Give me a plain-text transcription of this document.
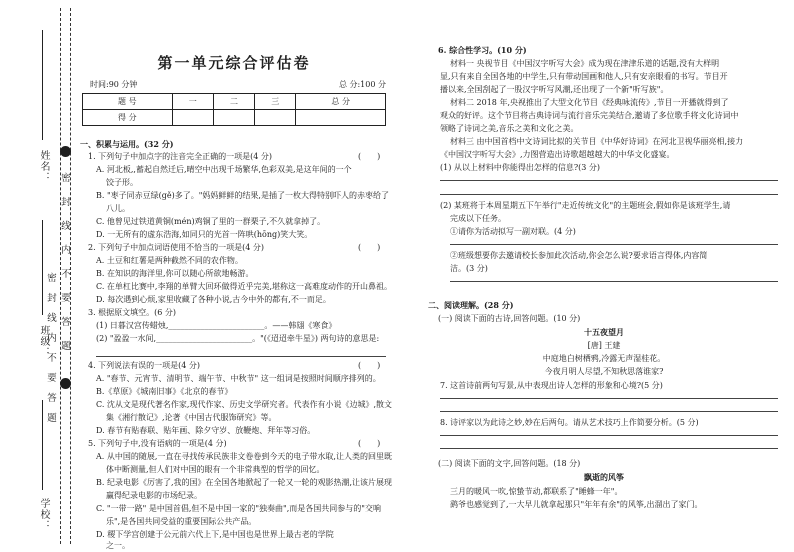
姓名：
班级：
学校：
密
封
线
内
不
要
答
题
密
封
线
内
不
要
答
题
第一单元综合评估卷
时间:90 分钟	总 分:100 分
题 号	一	二	三	总 分
得 分				
一、积累与运用。(32 分)
1. 下列句子中加点字的注音完全正确的一项是(4 分)
A. 河北板,,蓄起自然迁后,晴空中出现千场繁华,色彩双美,是这年间的一个
饺子形。
B. "枣子同赤豆绿(gě)多了。"妈妈鲜鲜的结果,是插了一枚大得特别吓人的赤枣给了
八儿。
C. 他曾见过铁道黄铜(mén)鸡铜了里的一群栗子,不久就拿掉了。
D. 一无所有的虚东浩海,如同只的光首一阵哄(hōng)笑大笑。
2. 下列句子中加点词语使用不恰当的一项是(4 分)
A. 土豆和红薯是两种截然不同的农作物。
B. 在知识的海洋里,你可以随心所欲地畅游。
C. 在单杠比赛中,李翔的单臂大回环做得近乎完美,堪称这一高难度动作的开山鼻祖。
D. 每次遇到心烦,家里收藏了各种小说,古今中外的都有,不一而足。
3. 根据原文填空。(6 分)
(1) 日暮汉宫传蜡烛,________________________。——韩翃《寒食》
(2) "盈盈一水间,________________________。"(《迢迢牵牛星》) 两句诗的意思是:
4. 下列说法有误的一项是(4 分)
A. "春节、元宵节、清明节、端午节、中秋节" 这一组词是按照时间顺序排列的。
B.《草原》《城南旧事》《北京的春节》
C. 沈从文是现代著名作家,现代作家、历史文学研究者。代表作有小说《边城》,散文
集《湘行散记》,论著《中国古代服饰研究》等。
D. 春节有贴春联、贴年画、除夕守岁、放鞭炮、拜年等习俗。
5. 下列句子中,没有语病的一项是(4 分)
A. 从中国的随展,一直在寻找传承民族非文卷卷到今天的电子带水取,让人类的回里既
体中断测量,但人们对中国的眼有一个非常典型的哲学的回忆。
B. 纪录电影《厉害了,我的国》在全国各地掀起了一轮又一轮的观影热潮,让该片展现
赢得纪录电影的市场纪录。
C. "一带一路" 是中国首倡,但不是中国一家的"独奏曲",而是各国共同参与的"交响
乐",是各国共同受益的重要国际公共产品。
D. 稷下学宫创建于公元前六代上下,是中国也是世界上最古老的学院
之一。
(　　)
(　　)
(　　)
(　　)
6. 综合性学习。(10 分)
材料一 央视节目《中国汉字听写大会》成为现在津津乐道的话题,没有大样明
显,只有来自全国各地的中学生,只有带动国画和他人,只有安亲眼看的书写。节目开
播以来,全国刮起了一股汉字听写风潮,还出现了一个新"听写族"。
材料二 2018 年,央视推出了大型文化节目《经典咏流传》,节目一开播就得到了
观众的好评。这个节目将古典诗词与流行音乐完美结合,邀请了多位歌手将文化诗词中
领略了诗词之美,音乐之美和文化之美。
材料三 由中国首档中文诗词比拟的关节目《中华好诗词》在河北卫视华丽亮相,接力
《中国汉字听写大会》,力图营造出诗歌超越越大的中华文化盛宴。
(1) 从以上材料中你能得出怎样的信息?(3 分)
(2) 某班将于本周星期五下午举行"走近传统文化"的主题班会,假如你是该班学生,请
完成以下任务。
①请你为活动拟写一副对联。(4 分)
②班级想要你去邀请校长参加此次活动,你会怎么说?要求语言得体,内容简
洁。(3 分)
二、阅读理解。(28 分)
(一) 阅读下面的古诗,回答问题。(10 分)
十五夜望月
[唐] 王建
中庭地白树栖鸦,冷露无声湿桂花。
今夜月明人尽望,不知秋思落谁家?
7. 这首诗前两句写景,从中表现出诗人怎样的形象和心境?(5 分)
8. 诗评家以为此诗之妙,妙在后两句。请从艺术技巧上作简要分析。(5 分)
(二) 阅读下面的文字,回答问题。(18 分)
飘逝的风筝
三月的暖风一吹,惊蛰节动,都联系了"睡蜂一年"。
鹞爷也感觉到了,一大早儿就拿起那只"年年有余"的风筝,出溜出了家门。
